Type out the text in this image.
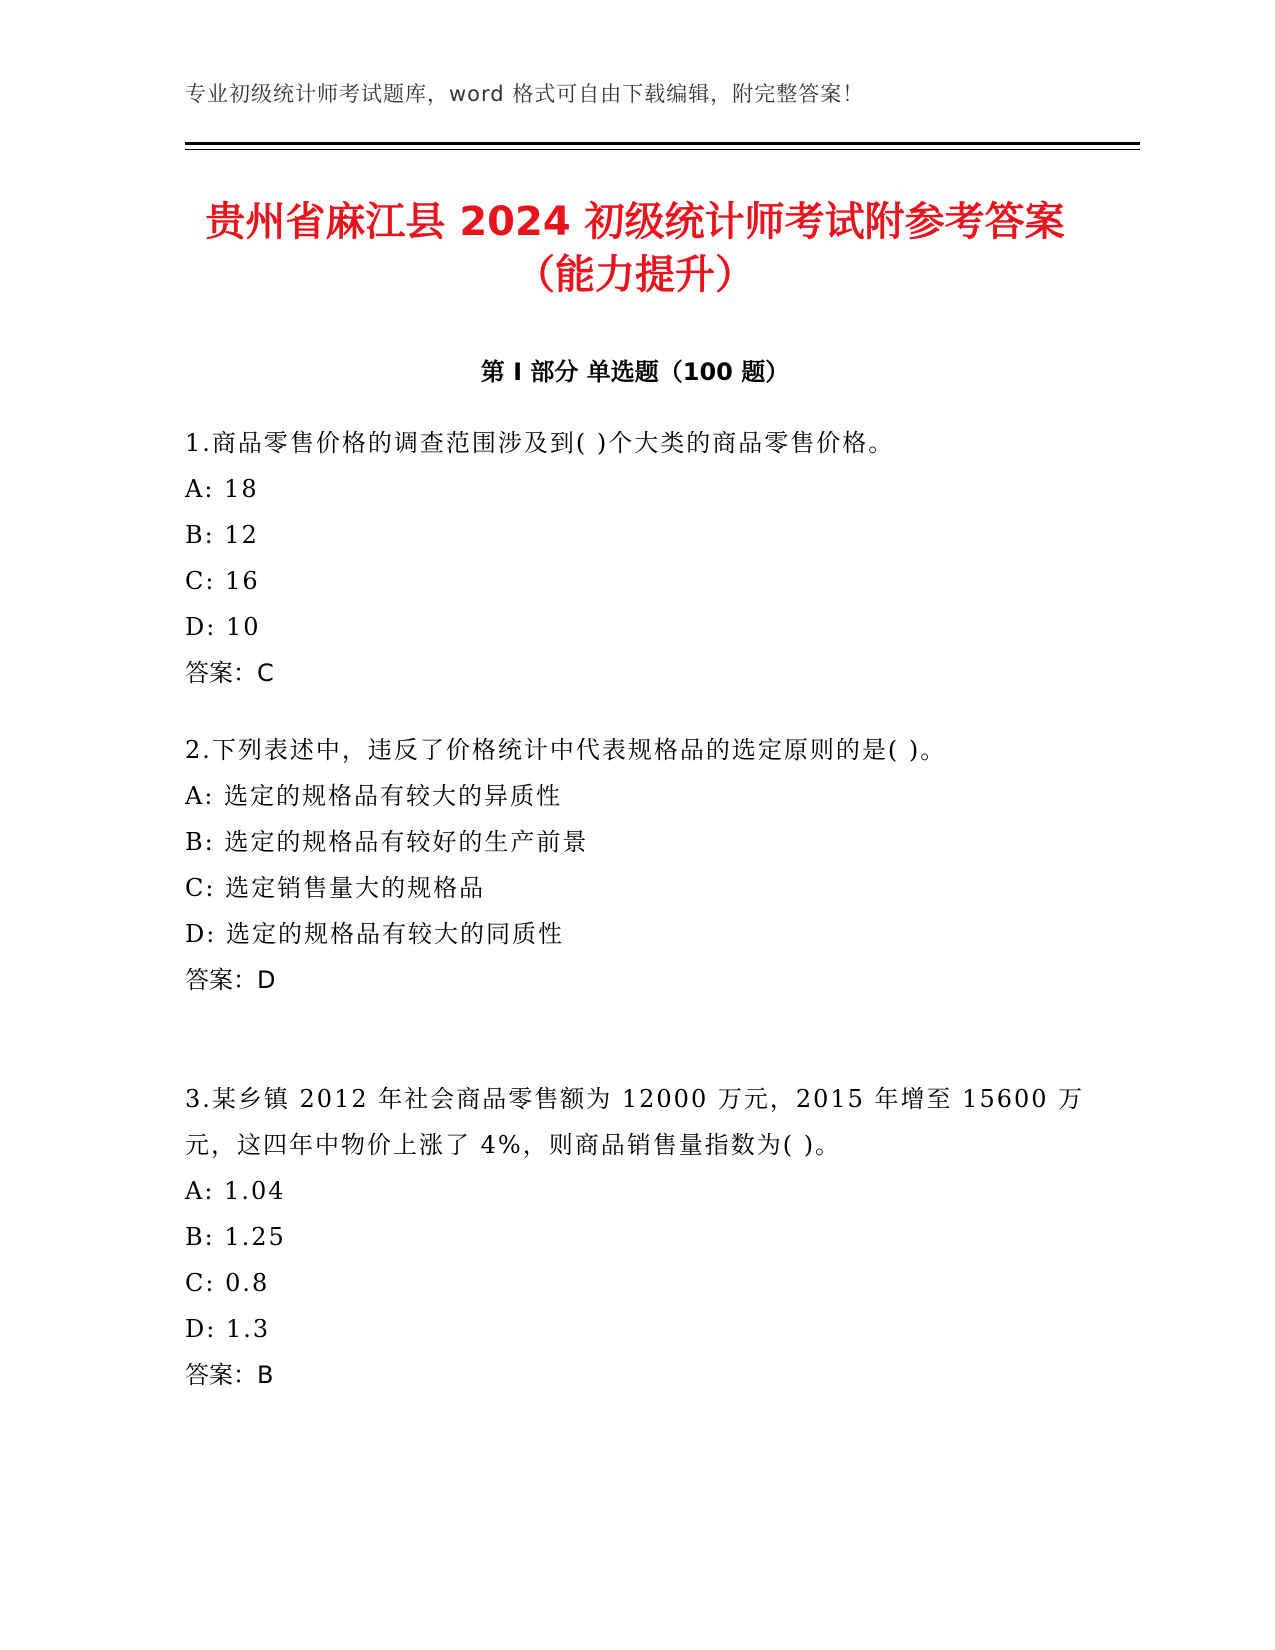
专业初级统计师考试题库，word 格式可自由下载编辑，附完整答案！
贵州省麻江县 2024 初级统计师考试附参考答案（能力提升）
第 I 部分 单选题（100 题）
1.商品零售价格的调查范围涉及到( )个大类的商品零售价格。
A: 18
B: 12
C: 16
D: 10
答案：C
2.下列表述中，违反了价格统计中代表规格品的选定原则的是( )。
A: 选定的规格品有较大的异质性
B: 选定的规格品有较好的生产前景
C: 选定销售量大的规格品
D: 选定的规格品有较大的同质性
答案：D
3.某乡镇 2012 年社会商品零售额为 12000 万元，2015 年增至 15600 万元，这四年中物价上涨了 4%，则商品销售量指数为( )。
A: 1.04
B: 1.25
C: 0.8
D: 1.3
答案：B
